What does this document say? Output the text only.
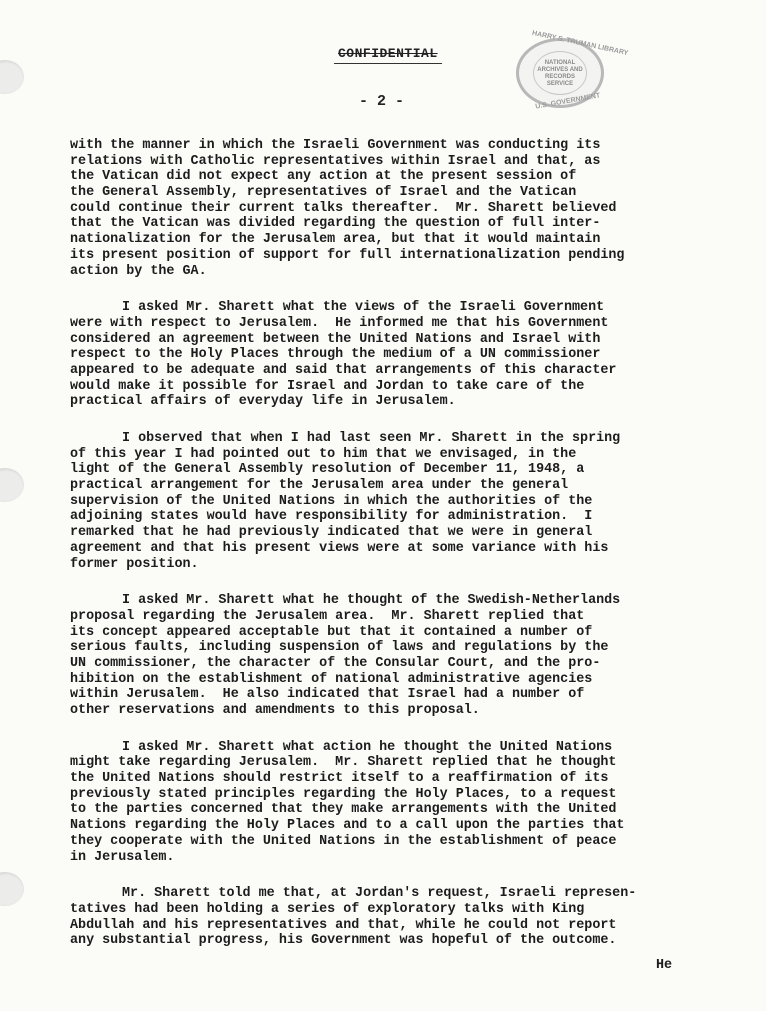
CONFIDENTIAL
- 2 -
HARRY S. TRUMAN LIBRARY
NATIONAL
ARCHIVES AND
RECORDS
SERVICE
U.S. GOVERNMENT
with the manner in which the Israeli Government was conducting its
relations with Catholic representatives within Israel and that, as
the Vatican did not expect any action at the present session of
the General Assembly, representatives of Israel and the Vatican
could continue their current talks thereafter.  Mr. Sharett believed
that the Vatican was divided regarding the question of full inter-
nationalization for the Jerusalem area, but that it would maintain
its present position of support for full internationalization pending
action by the GA.
I asked Mr. Sharett what the views of the Israeli Government
were with respect to Jerusalem.  He informed me that his Government
considered an agreement between the United Nations and Israel with
respect to the Holy Places through the medium of a UN commissioner
appeared to be adequate and said that arrangements of this character
would make it possible for Israel and Jordan to take care of the
practical affairs of everyday life in Jerusalem.
I observed that when I had last seen Mr. Sharett in the spring
of this year I had pointed out to him that we envisaged, in the
light of the General Assembly resolution of December 11, 1948, a
practical arrangement for the Jerusalem area under the general
supervision of the United Nations in which the authorities of the
adjoining states would have responsibility for administration.  I
remarked that he had previously indicated that we were in general
agreement and that his present views were at some variance with his
former position.
I asked Mr. Sharett what he thought of the Swedish-Netherlands
proposal regarding the Jerusalem area.  Mr. Sharett replied that
its concept appeared acceptable but that it contained a number of
serious faults, including suspension of laws and regulations by the
UN commissioner, the character of the Consular Court, and the pro-
hibition on the establishment of national administrative agencies
within Jerusalem.  He also indicated that Israel had a number of
other reservations and amendments to this proposal.
I asked Mr. Sharett what action he thought the United Nations
might take regarding Jerusalem.  Mr. Sharett replied that he thought
the United Nations should restrict itself to a reaffirmation of its
previously stated principles regarding the Holy Places, to a request
to the parties concerned that they make arrangements with the United
Nations regarding the Holy Places and to a call upon the parties that
they cooperate with the United Nations in the establishment of peace
in Jerusalem.
Mr. Sharett told me that, at Jordan's request, Israeli represen-
tatives had been holding a series of exploratory talks with King
Abdullah and his representatives and that, while he could not report
any substantial progress, his Government was hopeful of the outcome.
He
